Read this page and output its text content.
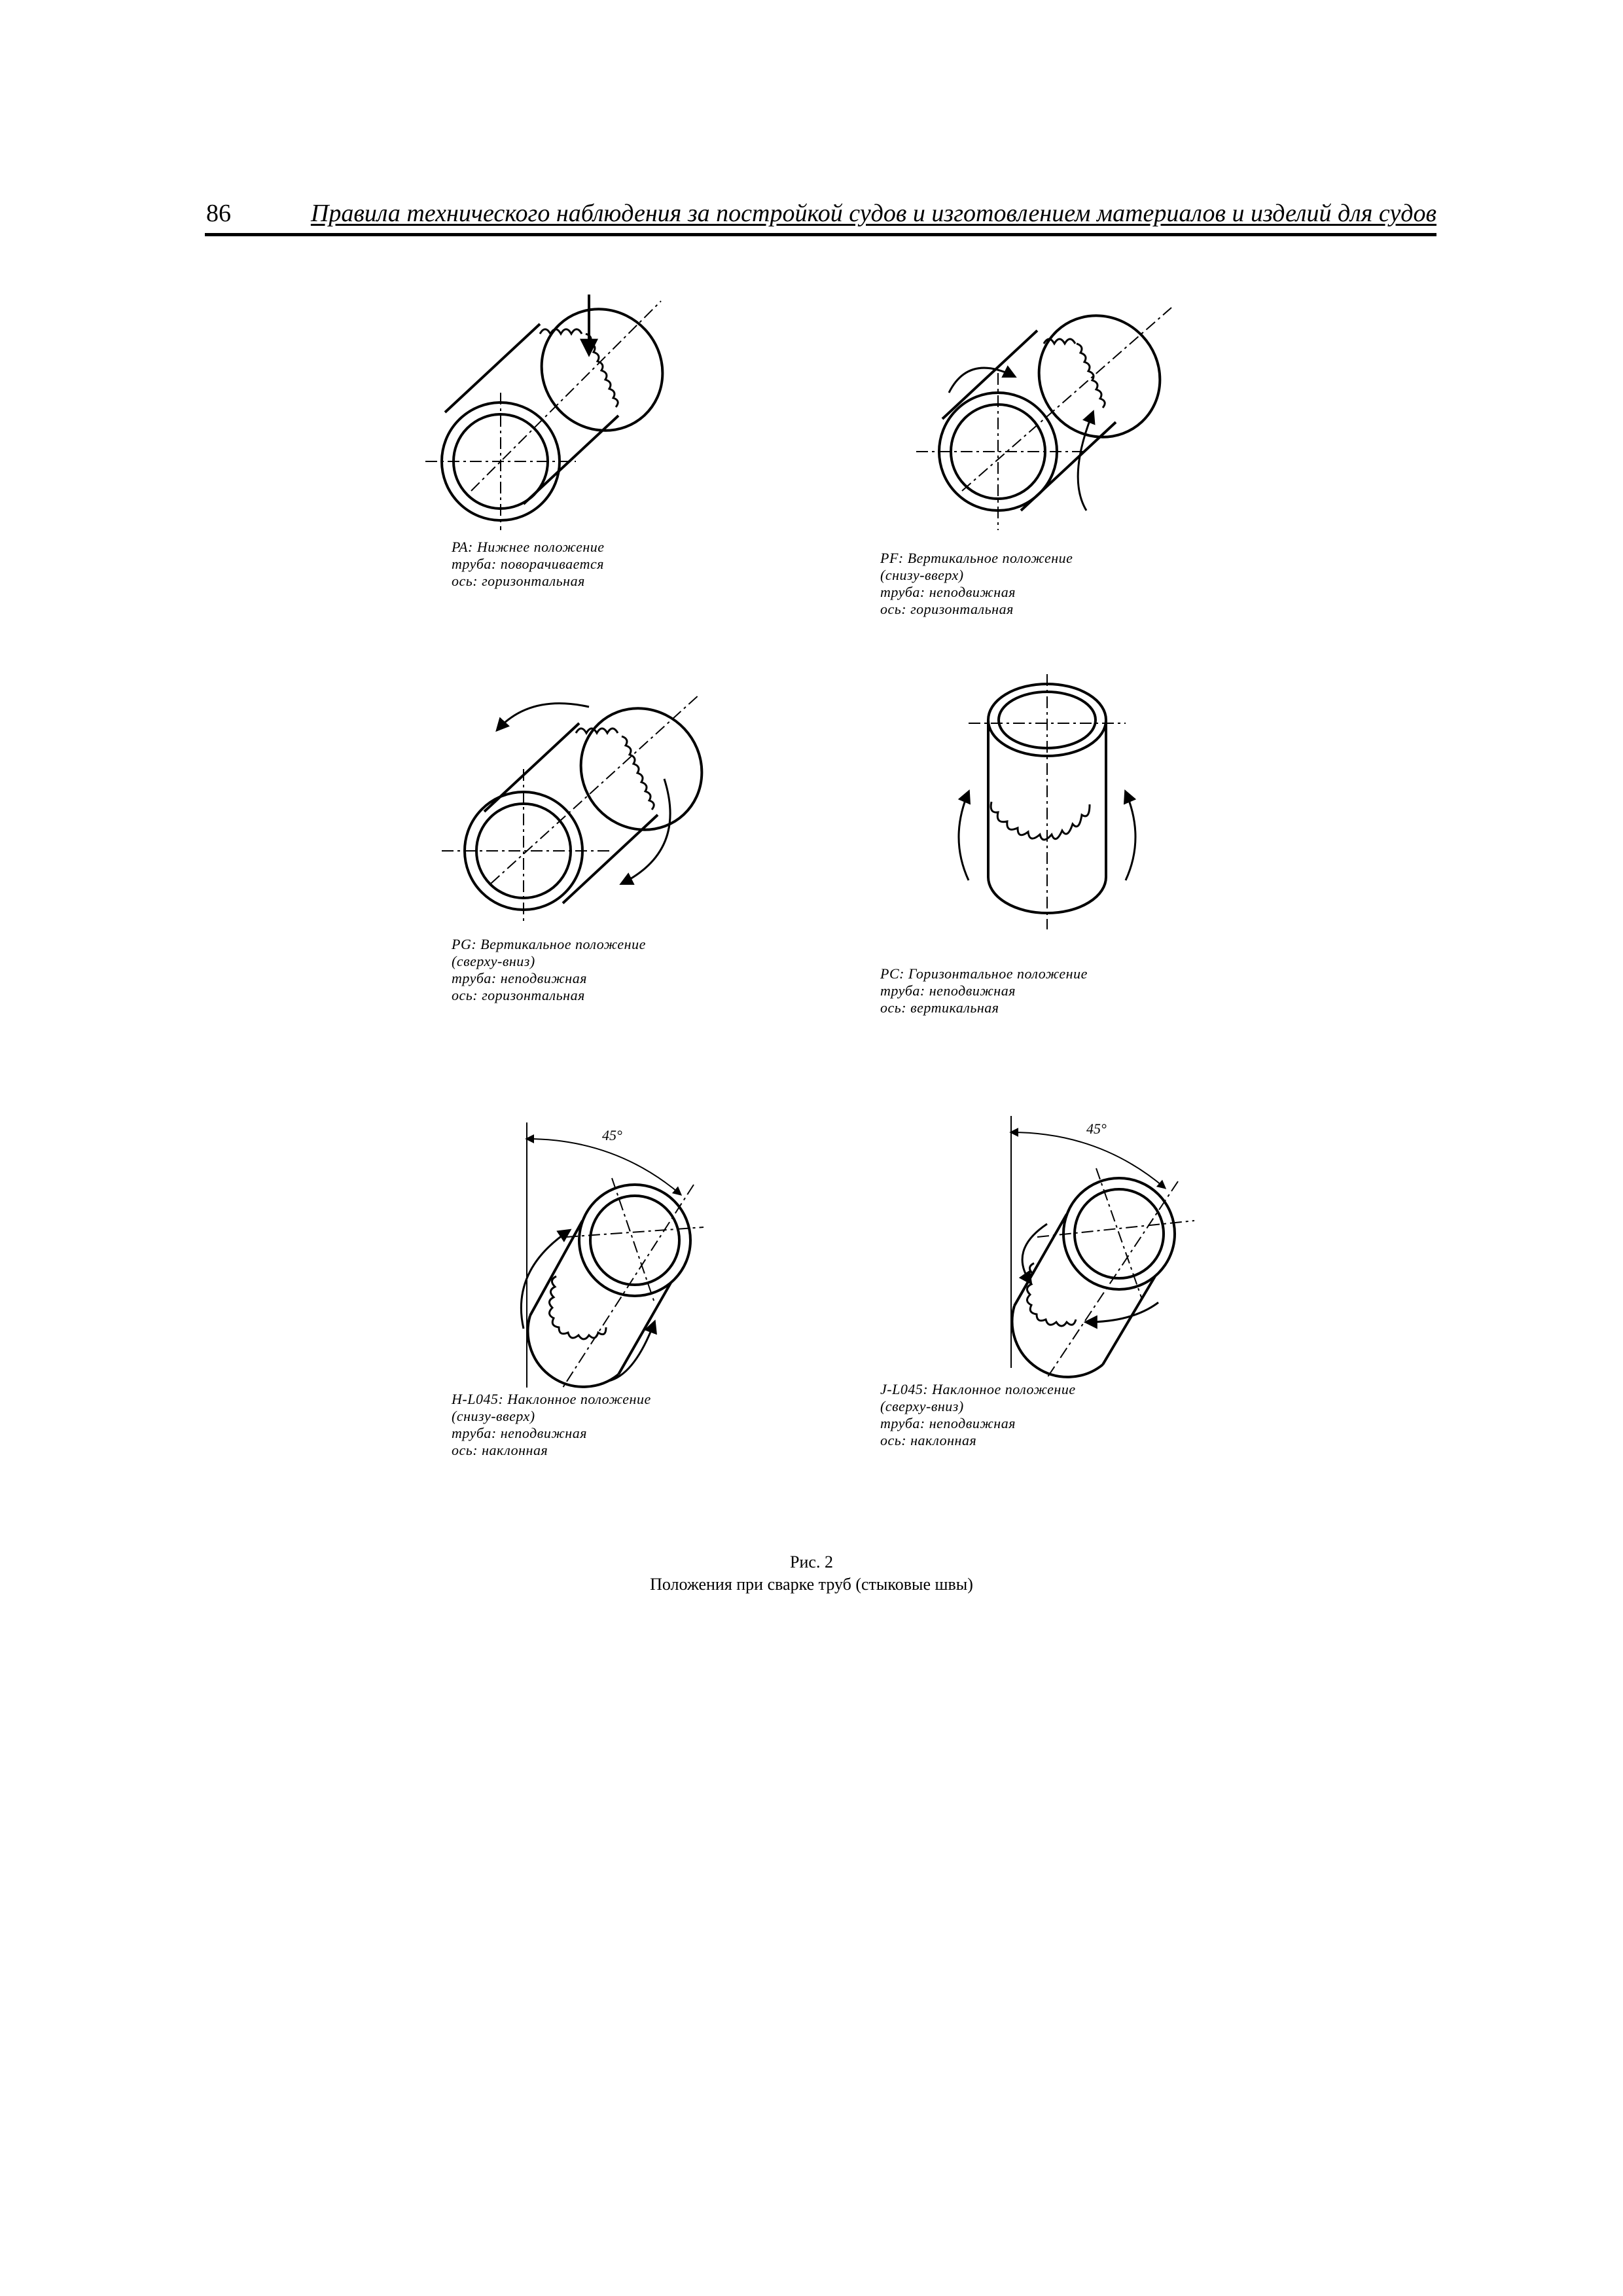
86	Правила технического наблюдения за постройкой судов и изготовлением материалов и изделий для судов
PA: Нижнее положение
труба: поворачивается
ось: горизонтальная
PF: Вертикальное положение
(снизу-вверх)
труба: неподвижная
ось: горизонтальная
PG: Вертикальное положение
(сверху-вниз)
труба: неподвижная
ось: горизонтальная
PC: Горизонтальное положение
труба: неподвижная
ось: вертикальная
45°
H-L045: Наклонное положение
(снизу-вверх)
труба: неподвижная
ось: наклонная
45°
J-L045: Наклонное положение
(сверху-вниз)
труба: неподвижная
ось: наклонная
Рис. 2
Положения при сварке труб (стыковые швы)
